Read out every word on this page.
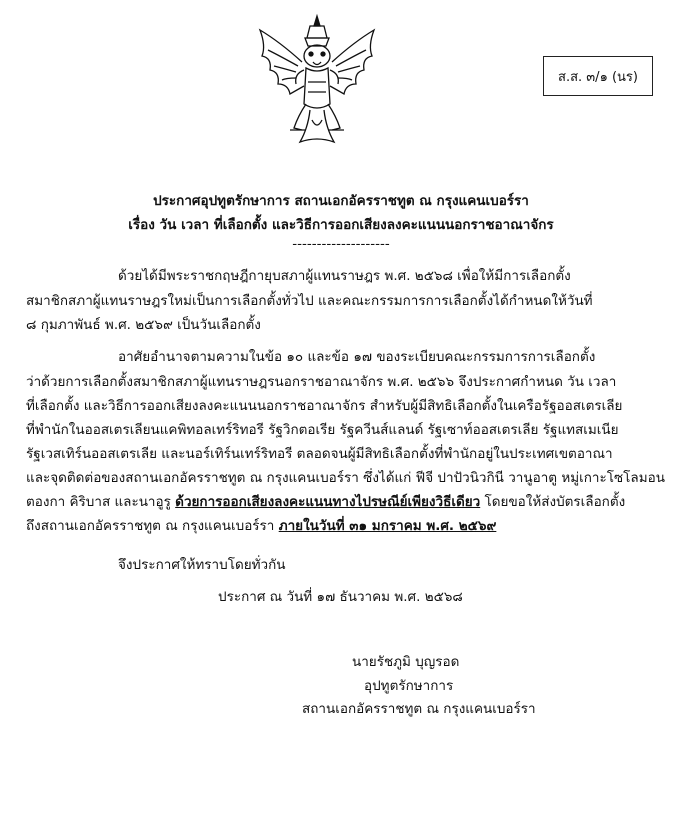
ส.ส. ๓/๑ (นร)
ประกาศอุปทูตรักษาการ สถานเอกอัครราชทูต ณ กรุงแคนเบอร์รา
เรื่อง วัน เวลา ที่เลือกตั้ง และวิธีการออกเสียงลงคะแนนนอกราชอาณาจักร
--------------------
ด้วยได้มีพระราชกฤษฎีกายุบสภาผู้แทนราษฎร พ.ศ. ๒๕๖๘ เพื่อให้มีการเลือกตั้ง
สมาชิกสภาผู้แทนราษฎรใหม่เป็นการเลือกตั้งทั่วไป และคณะกรรมการการเลือกตั้งได้กำหนดให้วันที่
๘ กุมภาพันธ์ พ.ศ. ๒๕๖๙ เป็นวันเลือกตั้ง
อาศัยอำนาจตามความในข้อ ๑๐ และข้อ ๑๗ ของระเบียบคณะกรรมการการเลือกตั้ง
ว่าด้วยการเลือกตั้งสมาชิกสภาผู้แทนราษฎรนอกราชอาณาจักร พ.ศ. ๒๕๖๖ จึงประกาศกำหนด วัน เวลา
ที่เลือกตั้ง และวิธีการออกเสียงลงคะแนนนอกราชอาณาจักร สำหรับผู้มีสิทธิเลือกตั้งในเครือรัฐออสเตรเลีย
ที่พำนักในออสเตรเลียนแคพิทอลเทร์ริทอรี รัฐวิกตอเรีย รัฐควีนส์แลนด์ รัฐเซาท์ออสเตรเลีย รัฐแทสเมเนีย
รัฐเวสเทิร์นออสเตรเลีย และนอร์เทิร์นเทร์ริทอรี ตลอดจนผู้มีสิทธิเลือกตั้งที่พำนักอยู่ในประเทศเขตอาณา
และจุดติดต่อของสถานเอกอัครราชทูต ณ กรุงแคนเบอร์รา ซึ่งได้แก่ ฟีจี ปาปัวนิวกินี วานูอาตู หมู่เกาะโซโลมอน
ตองกา คิริบาส และนาอูรู ด้วยการออกเสียงลงคะแนนทางไปรษณีย์เพียงวิธีเดียว โดยขอให้ส่งบัตรเลือกตั้ง
ถึงสถานเอกอัครราชทูต ณ กรุงแคนเบอร์รา ภายในวันที่ ๓๑ มกราคม พ.ศ. ๒๕๖๙
จึงประกาศให้ทราบโดยทั่วกัน
ประกาศ ณ วันที่ ๑๗ ธันวาคม พ.ศ. ๒๕๖๘
นายรัชภูมิ บุญรอด
อุปทูตรักษาการ
สถานเอกอัครราชทูต ณ กรุงแคนเบอร์รา
